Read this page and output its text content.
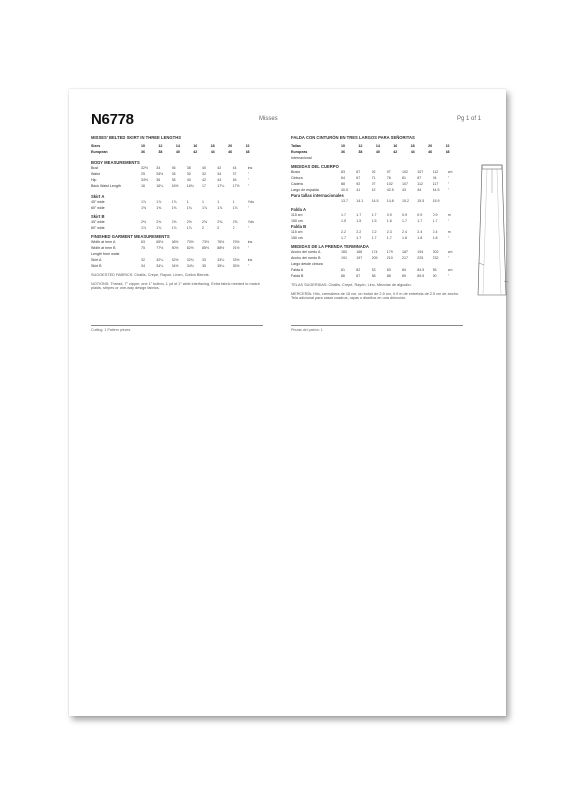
N6778	Misses	Pg 1 of 1
MISSES' BELTED SKIRT IN THREE LENGTHS
Sizes	10	12	14	16	18	20	22
European	36	38	40	42	44	46	48
BODY MEASUREMENTS
Bust	32½	34	36	38	40	42	44	ins
Waist	25	26½	28	30	32	34	37	"
Hip	34½	36	38	40	42	44	46	"
Back Waist Length	16	16¼	16½	16¾	17	17¼	17½	"
Skirt A
45" wide	1⅞	1⅞	1⅞	1	1	1	1	Yds
60" wide	1⅝	1⅝	1⅝	1¾	1⅞	1⅞	1⅞	"
Skirt B
45" wide	2⅜	2⅜	2⅜	2½	2⅝	2⅝	2⅝	Yds
60" wide	1⅞	1⅞	1⅞	1⅞	2	2	2	"
FINISHED GARMENT MEASUREMENTS
Width at hem A	63	65½	68½	70½	73½	76½	79½	ins
Width at hem B	75	77½	80½	82½	85½	88½	91½	"
Length from waist								
Skirt A	32	32¼	32½	32¾	33	33¼	33½	ins
Skirt B	34	34¼	34½	34¾	35	35¼	35½	"
SUGGESTED FABRICS: Challis, Crepe, Rayon, Linen, Cotton Blends.
NOTIONS: Thread, 7" zipper, one 1" button, 1 yd of 1" wide interfacing. Extra fabric needed to match plaids, stripes or one-way design fabrics.
Cutting: 1 Pattern pieces
FALDA CON CINTURÓN EN TRES LARGOS PARA SEÑORITAS
Tallas	10	12	14	16	18	20	22
Europeas	36	38	40	42	44	46	48
Internacional							
MEDIDAS DEL CUERPO
Busto	83	87	92	97	102	107	112	cm
Cintura	64	67	71	76	81	87	94	"
Cadera	88	92	97	102	107	112	117	"
Largo de espalda	40.5	41	42	42.5	43	44	44.5	"
Para tallas internacionales
	13.7	14.1	14.5	14.8	15.2	15.5	15.9	
Falda A
115 cm	1.7	1.7	1.7	0.9	0.9	0.9	0.9	m
150 cm	1.5	1.5	1.5	1.6	1.7	1.7	1.7	"
Falda B
115 cm	2.2	2.2	2.2	2.3	2.4	2.4	2.4	m
150 cm	1.7	1.7	1.7	1.7	1.8	1.8	1.8	"
MEDIDAS DE LA PRENDA TERMINADA
Ancho del ruedo A	160	166	174	179	187	194	202	cm
Ancho del ruedo B	191	197	205	210	217	225	232	"
Largo desde cintura								
Falda A	81	82	83	83	84	84.5	85	cm
Falda B	86	87	88	88	89	89.5	90	"
TELAS SUGERIDAS: Challis, Crepé, Rayón, Lino, Mezclas de algodón.
MERCERÍA: Hilo, cremallera de 18 cm, un botón de 2.5 cm, 0.9 m de entretela de 2.5 cm de ancho. Tela adicional para casar cuadros, rayas o diseños en una dirección.
Piezas del patrón: 1
